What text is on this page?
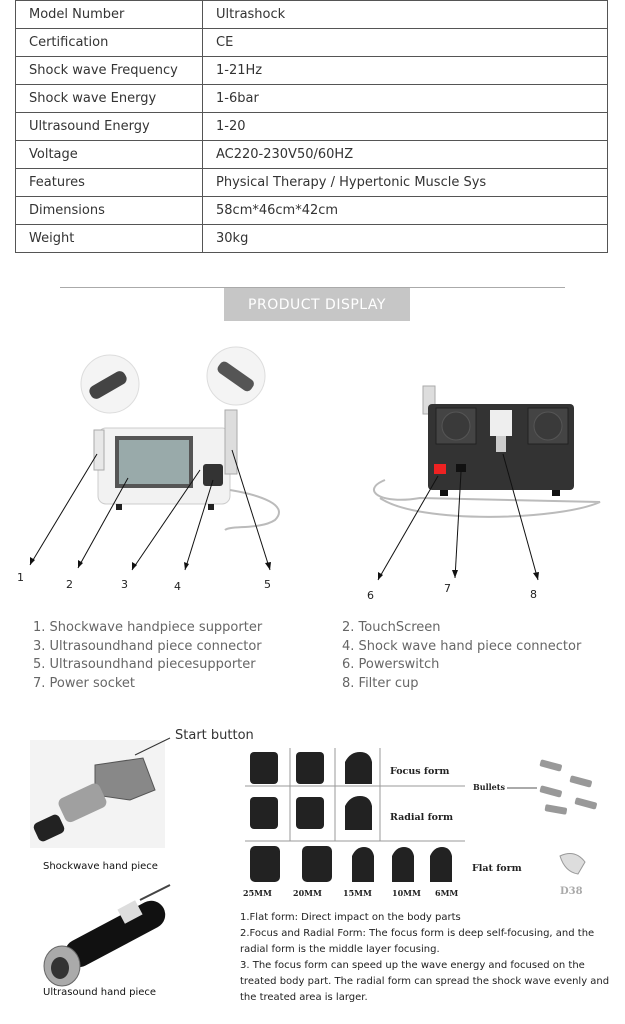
Model Number	Ultrashock
Certification	CE
Shock wave Frequency	1-21Hz
Shock wave Energy	1-6bar
Ultrasound Energy	1-20
Voltage	AC220-230V50/60HZ
Features	Physical Therapy / Hypertonic Muscle Sys
Dimensions	58cm*46cm*42cm
Weight	30kg
PRODUCT DISPLAY
1
2	3	4	5
6
7	8
1. Shockwave handpiece supporter
3. Ultrasoundhand piece connector
5. Ultrasoundhand piecesupporter
7. Power socket
2. TouchScreen
4. Shock wave hand piece connector
6. Powerswitch
8. Filter cup
Start button
Shockwave hand piece
Ultrasound hand piece
Focus form
Radial form
Flat form
Bullets
D38
25MM	20MM	15MM	10MM 6MM
1.Flat form: Direct impact on the body parts
2.Focus and Radial Form: The focus form is deep self-focusing, and the radial form is the middle layer focusing.
3. The focus form can speed up the wave energy and focused on the treated body part. The radial form can spread the shock wave evenly and the treated area is larger.
